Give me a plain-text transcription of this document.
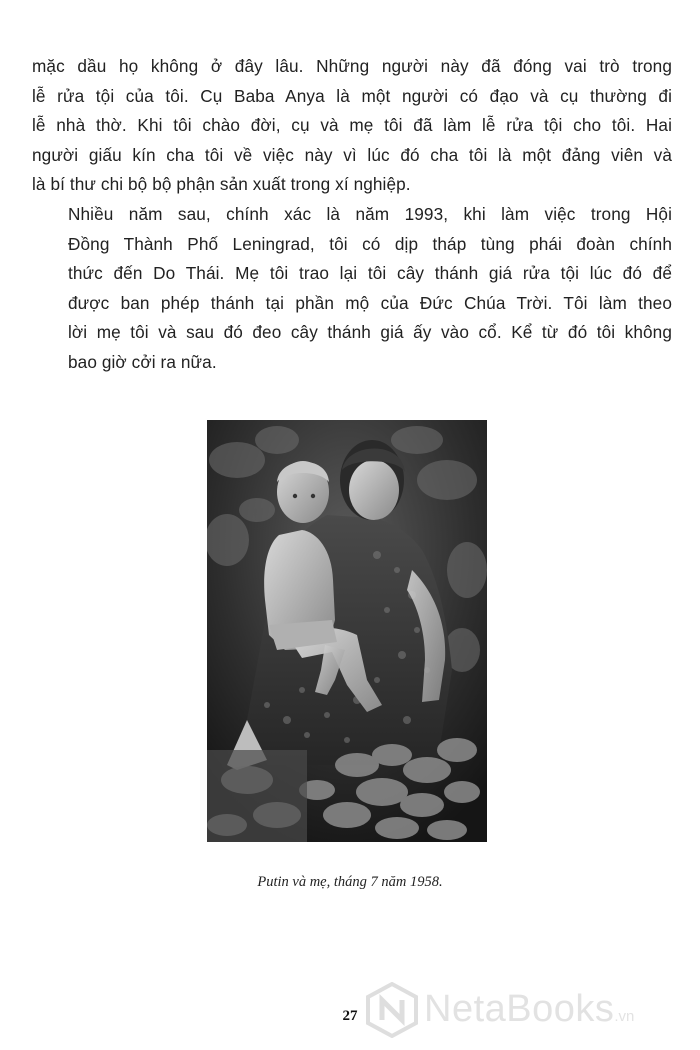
mặc dầu họ không ở đây lâu. Những người này đã đóng vai trò trong
lễ rửa tội của tôi. Cụ Baba Anya là một người có đạo và cụ thường đi
lễ nhà thờ. Khi tôi chào đời, cụ và mẹ tôi đã làm lễ rửa tội cho tôi. Hai
người giấu kín cha tôi về việc này vì lúc đó cha tôi là một đảng viên và
là bí thư chi bộ bộ phận sản xuất trong xí nghiệp.

Nhiều năm sau, chính xác là năm 1993, khi làm việc trong Hội
Đồng Thành Phố Leningrad, tôi có dịp tháp tùng phái đoàn chính
thức đến Do Thái. Mẹ tôi trao lại tôi cây thánh giá rửa tội lúc đó để
được ban phép thánh tại phần mộ của Đức Chúa Trời. Tôi làm theo
lời mẹ tôi và sau đó đeo cây thánh giá ấy vào cổ. Kể từ đó tôi không
bao giờ cởi ra nữa.

Putin và mẹ, tháng 7 năm 1958.
27	NetaBooks.vn
